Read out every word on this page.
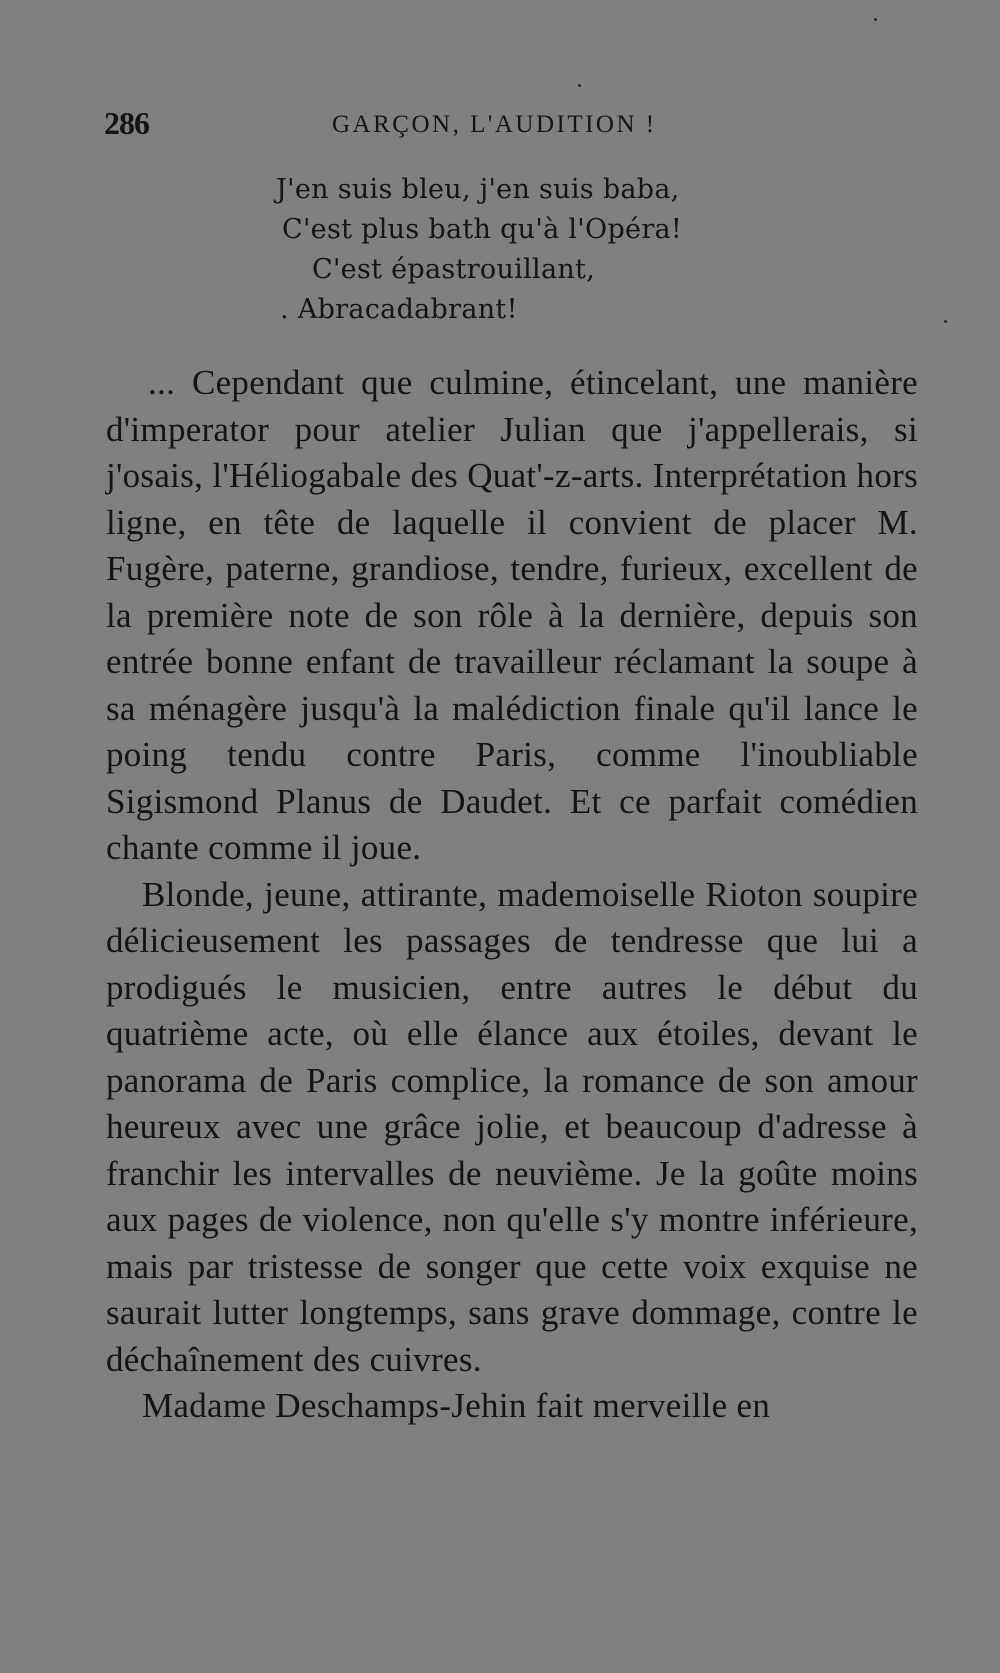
286	GARÇON, L'AUDITION !
J'en suis bleu, j'en suis baba,
C'est plus bath qu'à l'Opéra!
C'est épastrouillant,
. Abracadabrant!

... Cependant que culmine, étincelant, une manière d'imperator pour atelier Julian que j'appellerais, si j'osais, l'Héliogabale des Quat'-z-arts. Interprétation hors ligne, en tête de laquelle il convient de placer M. Fugère, paterne, grandiose, tendre, furieux, excellent de la première note de son rôle à la dernière, depuis son entrée bonne enfant de travailleur réclamant la soupe à sa ménagère jusqu'à la malédiction finale qu'il lance le poing tendu contre Paris, comme l'inoubliable Sigismond Planus de Daudet. Et ce parfait comédien chante comme il joue.

Blonde, jeune, attirante, mademoiselle Rioton soupire délicieusement les passages de tendresse que lui a prodigués le musicien, entre autres le début du quatrième acte, où elle élance aux étoiles, devant le panorama de Paris complice, la romance de son amour heureux avec une grâce jolie, et beaucoup d'adresse à franchir les intervalles de neuvième. Je la goûte moins aux pages de violence, non qu'elle s'y montre inférieure, mais par tristesse de songer que cette voix exquise ne saurait lutter longtemps, sans grave dommage, contre le déchaînement des cuivres.

Madame Deschamps-Jehin fait merveille en
